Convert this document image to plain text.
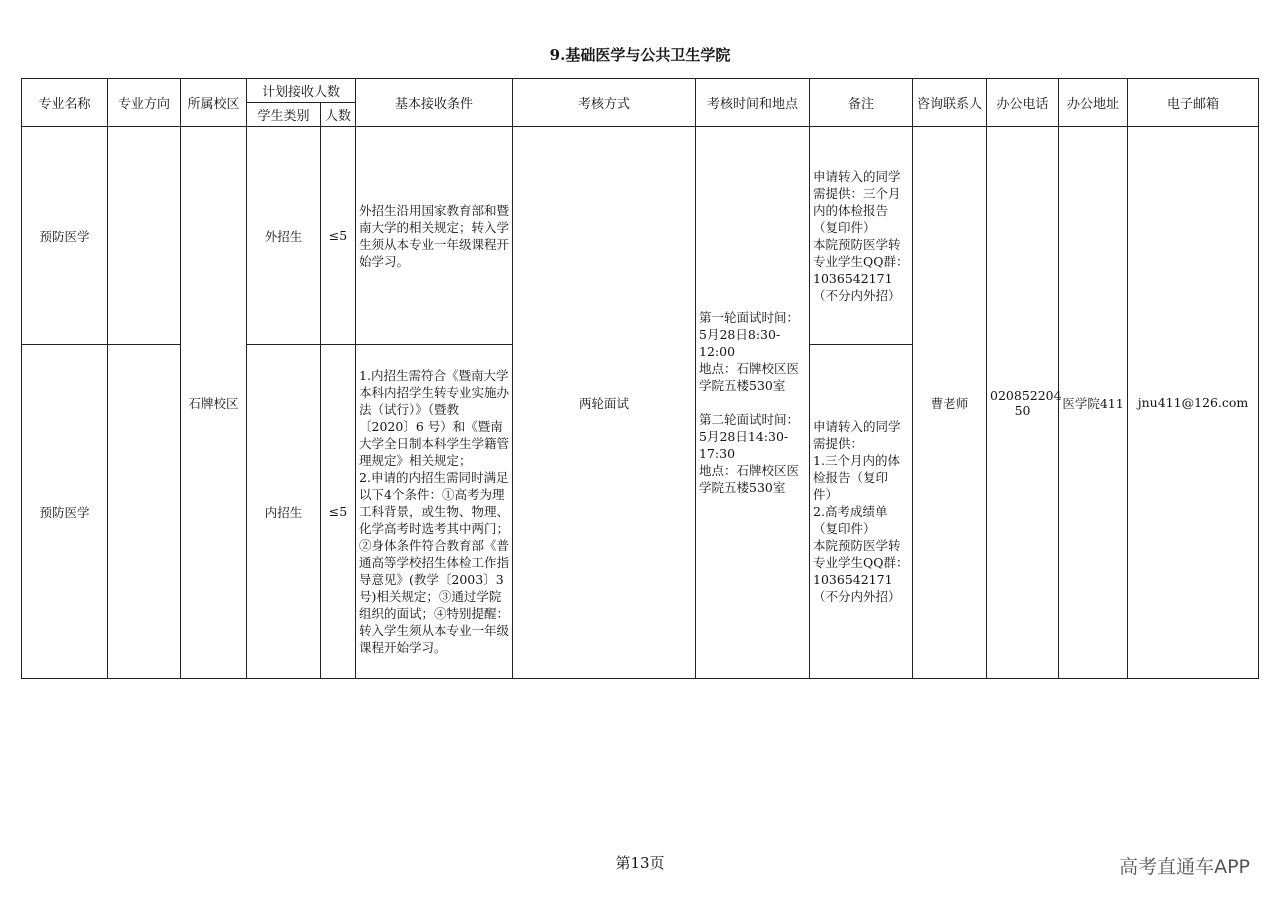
9.基础医学与公共卫生学院
专业名称	专业方向	所属校区	计划接收人数		基本接收条件	考核方式	考核时间和地点	备注	咨询联系人	办公电话	办公地址	电子邮箱
			学生类别	人数								
预防医学		石牌校区	外招生	≤5	外招生沿用国家教育部和暨南大学的相关规定；转入学生须从本专业一年级课程开始学习。	两轮面试	第一轮面试时间：5月28日8:30-12:00
地点：石牌校区医学院五楼530室

第二轮面试时间：5月28日14:30-17:30
地点：石牌校区医学院五楼530室	申请转入的同学需提供：三个月内的体检报告（复印件）
本院预防医学转专业学生QQ群：1036542171（不分内外招）	曹老师	020852204 50	医学院411	jnu411@126.com
预防医学			内招生	≤5	1.内招生需符合《暨南大学本科内招学生转专业实施办法（试行）》（暨教〔2020〕6 号）和《暨南大学全日制本科学生学籍管理规定》相关规定；
2.申请的内招生需同时满足以下4个条件：①高考为理工科背景，或生物、物理、化学高考时选考其中两门；②身体条件符合教育部《普通高等学校招生体检工作指导意见》(教学〔2003〕3号)相关规定；③通过学院组织的面试；④特别提醒：转入学生须从本专业一年级课程开始学习。			申请转入的同学需提供：
1.三个月内的体检报告（复印件）
2.高考成绩单（复印件）
本院预防医学转专业学生QQ群：1036542171（不分内外招）				
第13页	高考直通车APP
